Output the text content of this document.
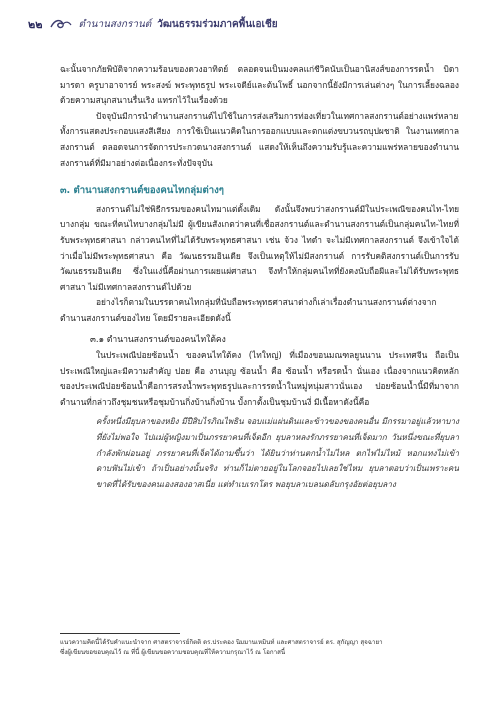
๒๒	ตำนานสงกรานต์ วัฒนธรรมร่วมภาคพื้นเอเชีย

ฉะนั้นจากภัยพิบัติจากความร้อนของดวงอาทิตย์ ตลอดจนเป็นมงคลแก่ชีวิตนับเป็นอานิสงส์ของการรดน้ำ บิดามารดา ครูบาอาจารย์ พระสงฆ์ พระพุทธรูป พระเจดีย์และต้นโพธิ์ นอกจากนี้ยังมีการเล่นต่างๆ ในการเลี้ยงฉลองด้วยความสนุกสนานรื่นเริง แทรกไว้ในเรื่องด้วย

ปัจจุบันมีการนำตำนานสงกรานต์ไปใช้ในการส่งเสริมการท่องเที่ยวในเทศกาลสงกรานต์อย่างแพร่หลาย ทั้งการแสดงประกอบแสงสีเสียง การใช้เป็นแนวคิดในการออกแบบและตกแต่งขบวนรถบุปผชาติ ในงานเทศกาลสงกรานต์ ตลอดจนการจัดการประกวดนางสงกรานต์ แสดงให้เห็นถึงความรับรู้และความแพร่หลายของตำนานสงกรานต์ที่มีมาอย่างต่อเนื่องกระทั่งปัจจุบัน

๓. ตำนานสงกรานต์ของคนไทกลุ่มต่างๆ

สงกรานต์ไม่ใช่พิธีกรรมของคนไทมาแต่ดั้งเดิม ดังนั้นจึงพบว่าสงกรานต์มีในประเพณีของคนไท-ไทยบางกลุ่ม ขณะที่คนไทบางกลุ่มไม่มี ผู้เขียนสังเกตว่าคนที่เชื่อสงกรานต์และตำนานสงกรานต์เป็นกลุ่มคนไท-ไทยที่รับพระพุทธศาสนา กล่าวคนไทที่ไม่ได้รับพระพุทธศาสนา เช่น จ้วง ไทดำ จะไม่มีเทศกาลสงกรานต์ จึงเข้าใจได้ว่าเมื่อไม่มีพระพุทธศาสนา คือ วัฒนธรรมอินเดีย จึงเป็นเหตุให้ไม่มีสงกรานต์ การรับคติสงกรานต์เป็นการรับวัฒนธรรมอินเดีย ซึ่งในแง่นี้คือผ่านการเผยแผ่ศาสนา จึงทำให้กลุ่มคนไทที่ยังคงนับถือผีและไม่ได้รับพระพุทธศาสนา ไม่มีเทศกาลสงกรานต์ไปด้วย

อย่างไรก็ตามในบรรดาคนไทกลุ่มที่นับถือพระพุทธศาสนาต่างก็เล่าเรื่องตำนานสงกรานต์ต่างจากตำนานสงกรานต์ของไทย โดยมีรายละเอียดดังนี้

๓.๑ ตำนานสงกรานต์ของคนไทใต้คง

ในประเพณีปอยซ้อนน้ำ ของคนไทใต้คง (ไทใหญ่) ที่เมืองขอนมณฑลยูนนาน ประเทศจีน ถือเป็นประเพณีใหญ่และมีความสำคัญ ปอย คือ งานบุญ ซ้อนน้ำ คือ ซ้อนน้ำ หรือรดน้ำ นั่นเอง เนื่องจากแนวคิดหลักของประเพณีปอยซ้อนน้ำคือการสรงน้ำพระพุทธรูปและการรดน้ำในหมู่หนุ่มสาวนั่นเอง ปอยซ้อนน้ำนี้มีที่มาจากตำนานที่กล่าวถึงชุมชนหรือชุมบ้านกิ่งบ้านกิ่งบ้าน บั้งกาตั้งเป็นชุมบ้านงี่ มีเนื้อหาดังนี้คือ

ครั้งหนึ่งมียุบลาของหยิง มีปีสิบไรภิณไพธิน จอบแม่แผ่นดินและข้าวของของคนอื่น มีกรรมาอยู่แล้วหาบางที่ยังไม่พอใจ ไปแม่ผู้หญิงมาเป็นภรรยาคนที่เจ็ดอีก ยุบลาหลงรักภรรยาคนที่เจ็ดมาก วันหนึ่งขณะที่ยุบลากำลังพักผ่อนอยู่ ภรรยาคนที่เจ็ดได้ถามขึ้นว่า ได้ยินว่าท่านตกน้ำไม่ไหล ตกไฟไม่ไหม้ หอกแทงไม่เข้า ดาบฟันไม่เข้า ถ้าเป็นอย่างนั้นจริง ท่านก็ไม่ตายอยู่ในโลกจอยไปเลยใช่ไหม ยุบลาตอบว่าเป็นเพราะคนขาดที่ได้รับของคนเองสองอาสเนี่ย แต่ทำเบเรกโตร พอยุบลาเบลนดลับกรุงอัยต่อยุบลาง

แนวความคิดนี้ได้รับคำแนะนำจาก ศาสตราจารย์กิตติ ดร.ประคอง นิมมานเหมินท์ และศาสตราจารย์ ดร. สุกัญญา สุจฉายา
ซึ่งผู้เขียนขอขอบคุณไว้ ณ ที่นี้ ผู้เขียนขอความชอบคุณที่ให้ความกรุณาไว้ ณ โอกาสนี้
